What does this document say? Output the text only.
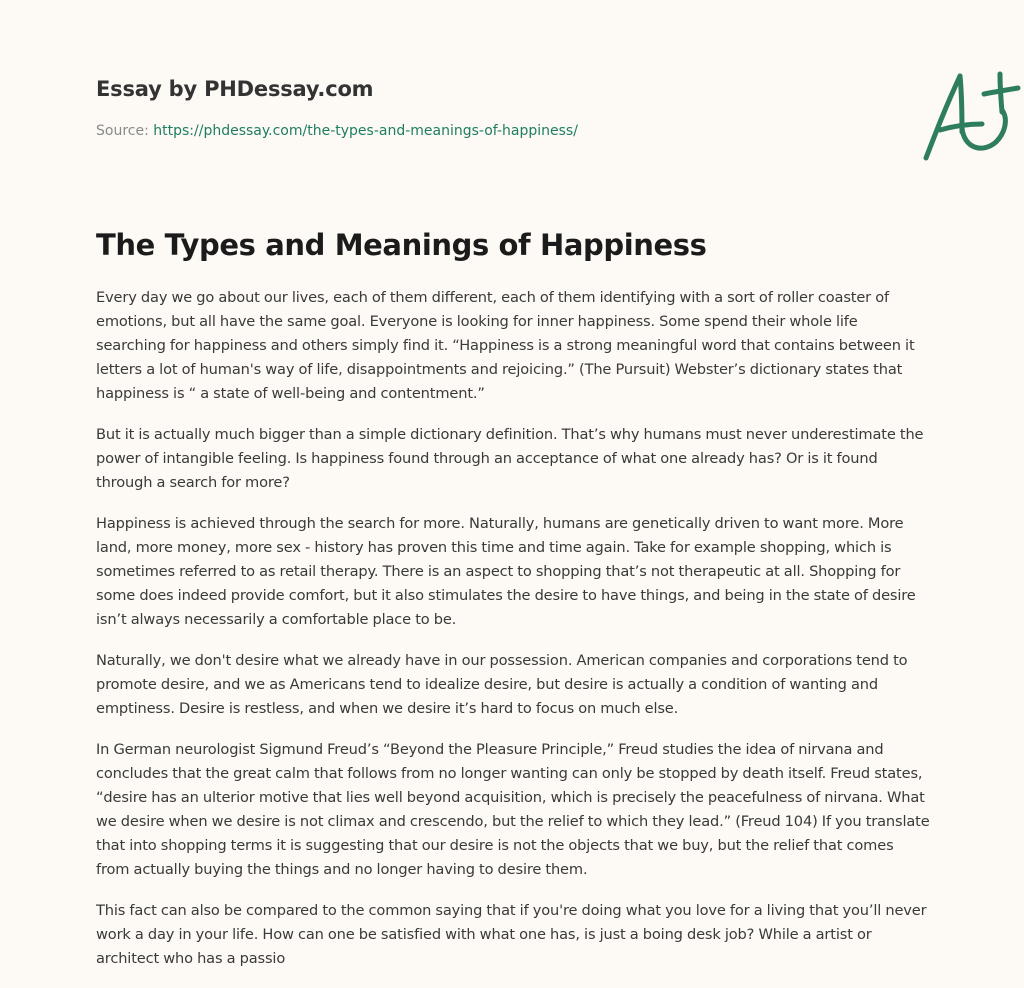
Essay by PHDessay.com
Source: https://phdessay.com/the-types-and-meanings-of-happiness/
The Types and Meanings of Happiness

Every day we go about our lives, each of them different, each of them identifying with a sort of roller coaster of emotions, but all have the same goal. Everyone is looking for inner happiness. Some spend their whole life searching for happiness and others simply find it. “Happiness is a strong meaningful word that contains between it letters a lot of human's way of life, disappointments and rejoicing.” (The Pursuit) Webster’s dictionary states that happiness is “ a state of well-being and contentment.”

But it is actually much bigger than a simple dictionary definition. That’s why humans must never underestimate the power of intangible feeling. Is happiness found through an acceptance of what one already has? Or is it found through a search for more?

Happiness is achieved through the search for more. Naturally, humans are genetically driven to want more. More land, more money, more sex - history has proven this time and time again. Take for example shopping, which is sometimes referred to as retail therapy. There is an aspect to shopping that’s not therapeutic at all. Shopping for some does indeed provide comfort, but it also stimulates the desire to have things, and being in the state of desire isn’t always necessarily a comfortable place to be.

Naturally, we don't desire what we already have in our possession. American companies and corporations tend to promote desire, and we as Americans tend to idealize desire, but desire is actually a condition of wanting and emptiness. Desire is restless, and when we desire it’s hard to focus on much else.

In German neurologist Sigmund Freud’s “Beyond the Pleasure Principle,” Freud studies the idea of nirvana and concludes that the great calm that follows from no longer wanting can only be stopped by death itself. Freud states, “desire has an ulterior motive that lies well beyond acquisition, which is precisely the peacefulness of nirvana. What we desire when we desire is not climax and crescendo, but the relief to which they lead.” (Freud 104) If you translate that into shopping terms it is suggesting that our desire is not the objects that we buy, but the relief that comes from actually buying the things and no longer having to desire them.

This fact can also be compared to the common saying that if you're doing what you love for a living that you’ll never work a day in your life. How can one be satisfied with what one has, is just a boing desk job? While a artist or architect who has a passio
